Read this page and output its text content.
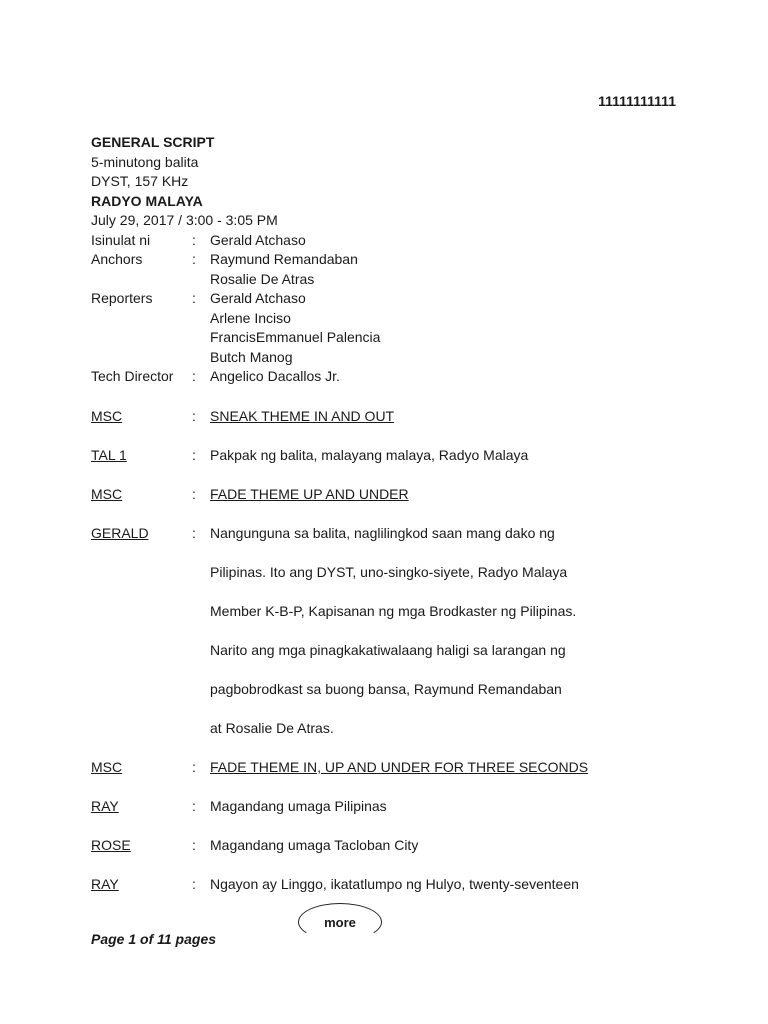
11111111111
GENERAL SCRIPT
5-minutong balita
DYST, 157 KHz
RADYO MALAYA
July 29, 2017 / 3:00 - 3:05 PM
Isinulat ni	:	Gerald Atchaso
Anchors	:	Raymund Remandaban
Rosalie De Atras
Reporters	:	Gerald Atchaso
Arlene Inciso
FrancisEmmanuel Palencia
Butch Manog
Tech Director	:	Angelico Dacallos Jr.
MSC	:	SNEAK THEME IN AND OUT
TAL 1	:	Pakpak ng balita, malayang malaya, Radyo Malaya
MSC	:	FADE THEME UP AND UNDER
GERALD	:	Nangunguna sa balita, naglilingkod saan mang dako ng
Pilipinas. Ito ang DYST, uno-singko-siyete, Radyo Malaya
Member K-B-P, Kapisanan ng mga Brodkaster ng Pilipinas.
Narito ang mga pinagkakatiwalaang haligi sa larangan ng
pagbobrodkast sa buong bansa, Raymund Remandaban
at Rosalie De Atras.
MSC	:	FADE THEME IN, UP AND UNDER FOR THREE SECONDS
RAY	:	Magandang umaga Pilipinas
ROSE	:	Magandang umaga Tacloban City
RAY	:	Ngayon ay Linggo, ikatatlumpo ng Hulyo, twenty-seventeen
more
Page 1 of 11 pages
